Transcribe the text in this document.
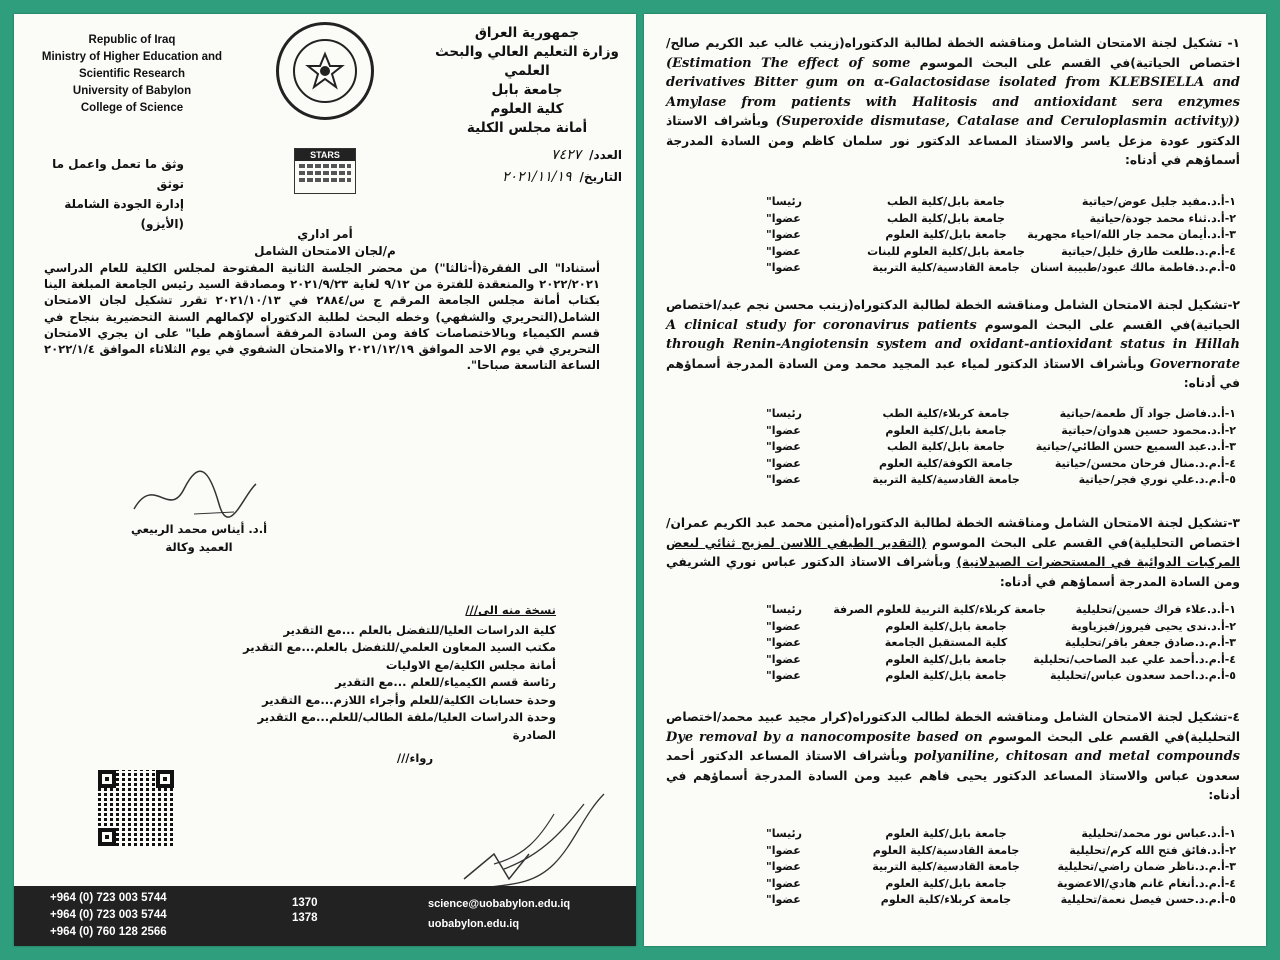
Republic of Iraq
Ministry of Higher Education and
Scientific Research
University of Babylon
College of Science
جمهورية العراق
وزارة التعليم العالي والبحث العلمي
جامعة بابل
كلية العلوم
أمانة مجلس الكلية
وثق ما تعمل واعمل ما توثق
إدارة الجودة الشاملة (الأيزو)
STARS	العدد/٧٤٢٧
التاريخ/٢٠٢١/١١/١٩
أمر اداري
م/لجان الامتحان الشامل
أستنادا" الى الفقرة(أ-ثالثا") من محضر الجلسة الثانية المفتوحة لمجلس الكلية للعام الدراسي ٢٠٢٢/٢٠٢١ والمنعقدة للفترة من ٩/١٢ لغاية ٢٠٢١/٩/٢٣ ومصادقة السيد رئيس الجامعة المبلغة الينا بكتاب أمانة مجلس الجامعة المرقم ج س/٢٨٨٤ في ٢٠٢١/١٠/١٣ تقرر تشكيل لجان الامتحان الشامل(التحريري والشفهي) وخطه البحث لطلبة الدكتوراه لإكمالهم السنة التحضيرية بنجاح في قسم الكيمياء وبالاختصاصات كافة ومن السادة المرفقة أسماؤهم طيا" على ان يجري الامتحان التحريري في يوم الاحد الموافق ٢٠٢١/١٢/١٩ والامتحان الشفوي في يوم الثلاثاء الموافق ٢٠٢٢/١/٤ الساعة التاسعة صباحا".
أ.د. أيناس محمد الربيعي
العميد وكالة
نسخة منه الى///
كلية الدراسات العليا/للتفضل بالعلم ...مع التقدير
مكتب السيد المعاون العلمي/للتفضل بالعلم...مع التقدير
أمانة مجلس الكلية/مع الاوليات
رئاسة قسم الكيمياء/للعلم ...مع التقدير
وحدة حسابات الكلية/للعلم وأجراء اللازم...مع التقدير
وحدة الدراسات العليا/ملفة الطالب/للعلم...مع التقدير
الصادرة
رواء///
+964 (0) 723 003 5744
+964 (0) 723 003 5744
+964 (0) 760 128 2566
1370
1378
science@uobabylon.edu.iq
uobabylon.edu.iq
١- تشكيل لجنة الامتحان الشامل ومناقشه الخطة لطالبة الدكتوراه(زينب غالب عبد الكريم صالح/اختصاص الحياتية)في القسم على البحث الموسوم (Estimation The effect of some derivatives Bitter gum on α-Galactosidase isolated from KLEBSIELLA and Amylase from patients with Halitosis and antioxidant sera enzymes (Superoxide dismutase, Catalase and Ceruloplasmin activity)) وبأشراف الاستاذ الدكتور عودة مزعل ياسر والاستاذ المساعد الدكتور نور سلمان كاظم ومن السادة المدرجة أسماؤهم في أدناه:
١-أ.د.مفيد جليل عوض/حياتية
جامعة بابل/كلية الطب
رئيسا"
٢-أ.د.ثناء محمد جودة/حياتية
جامعة بابل/كلية الطب
عضوا"
٣-أ.د.أيمان محمد جار الله/احياء مجهرية
جامعة بابل/كلية العلوم
عضوا"
٤-أ.م.د.طلعت طارق خليل/حياتية
جامعة بابل/كلية العلوم للبنات
عضوا"
٥-أ.م.د.فاطمة مالك عبود/طبيبة اسنان
جامعة القادسية/كلية التربية
عضوا"
٢-تشكيل لجنة الامتحان الشامل ومناقشه الخطة لطالبة الدكتوراه(زينب محسن نجم عبد/اختصاص الحياتية)في القسم على البحث الموسوم A clinical study for coronavirus patients through Renin-Angiotensin system and oxidant-antioxidant status in Hillah Governorate وبأشراف الاستاذ الدكتور لمياء عبد المجيد محمد ومن السادة المدرجة أسماؤهم في أدناه:
١-أ.د.فاضل جواد آل طعمة/حياتية
جامعة كربلاء/كلية الطب
رئيسا"
٢-أ.د.محمود حسين هدوان/حياتية
جامعة بابل/كلية العلوم
عضوا"
٣-أ.د.عبد السميع حسن الطائي/حياتية
جامعة بابل/كلية الطب
عضوا"
٤-أ.م.د.منال فرحان محسن/حياتية
جامعة الكوفة/كلية العلوم
عضوا"
٥-أ.م.د.علي نوري فجر/حياتية
جامعة القادسية/كلية التربية
عضوا"
٣-تشكيل لجنة الامتحان الشامل ومناقشه الخطة لطالبة الدكتوراه(أمنين محمد عبد الكريم عمران/اختصاص التحليلية)في القسم على البحث الموسوم (التقدير الطيفي اللاسن لمزيج ثنائي لبعض المركبات الدوائية في المستحضرات الصيدلانية) وبأشراف الاستاذ الدكتور عباس نوري الشريفي ومن السادة المدرجة أسماؤهم في أدناه:
١-أ.د.علاء فراك حسين/تحليلية
جامعة كربلاء/كلية التربية للعلوم الصرفة
رئيسا"
٢-أ.د.ندى يحيى فيروز/فيزياوية
جامعة بابل/كلية العلوم
عضوا"
٣-أ.م.د.صادق جعفر باقر/تحليلية
كلية المستقبل الجامعة
عضوا"
٤-أ.م.د.أحمد علي عبد الصاحب/تحليلية
جامعة بابل/كلية العلوم
عضوا"
٥-أ.م.د.احمد سعدون عباس/تحليلية
جامعة بابل/كلية العلوم
عضوا"
٤-تشكيل لجنة الامتحان الشامل ومناقشه الخطة لطالب الدكتوراه(كرار مجيد عبيد محمد/اختصاص التحليلية)في القسم على البحث الموسوم Dye removal by a nanocomposite based on polyaniline, chitosan and metal compounds وبأشراف الاستاذ المساعد الدكتور أحمد سعدون عباس والاستاذ المساعد الدكتور يحيى فاهم عبيد ومن السادة المدرجة أسماؤهم في أدناه:
١-أ.د.عباس نور محمد/تحليلية
جامعة بابل/كلية العلوم
رئيسا"
٢-أ.د.فائق فتح الله كرم/تحليلية
جامعة القادسية/كلية العلوم
عضوا"
٣-أ.م.د.ناظر ضمان راضي/تحليلية
جامعة القادسية/كلية التربية
عضوا"
٤-أ.م.د.أنغام غانم هادي/الاعضوية
جامعة بابل/كلية العلوم
عضوا"
٥-أ.م.د.حسن فيصل نعمة/تحليلية
جامعة كربلاء/كلية العلوم
عضوا"
